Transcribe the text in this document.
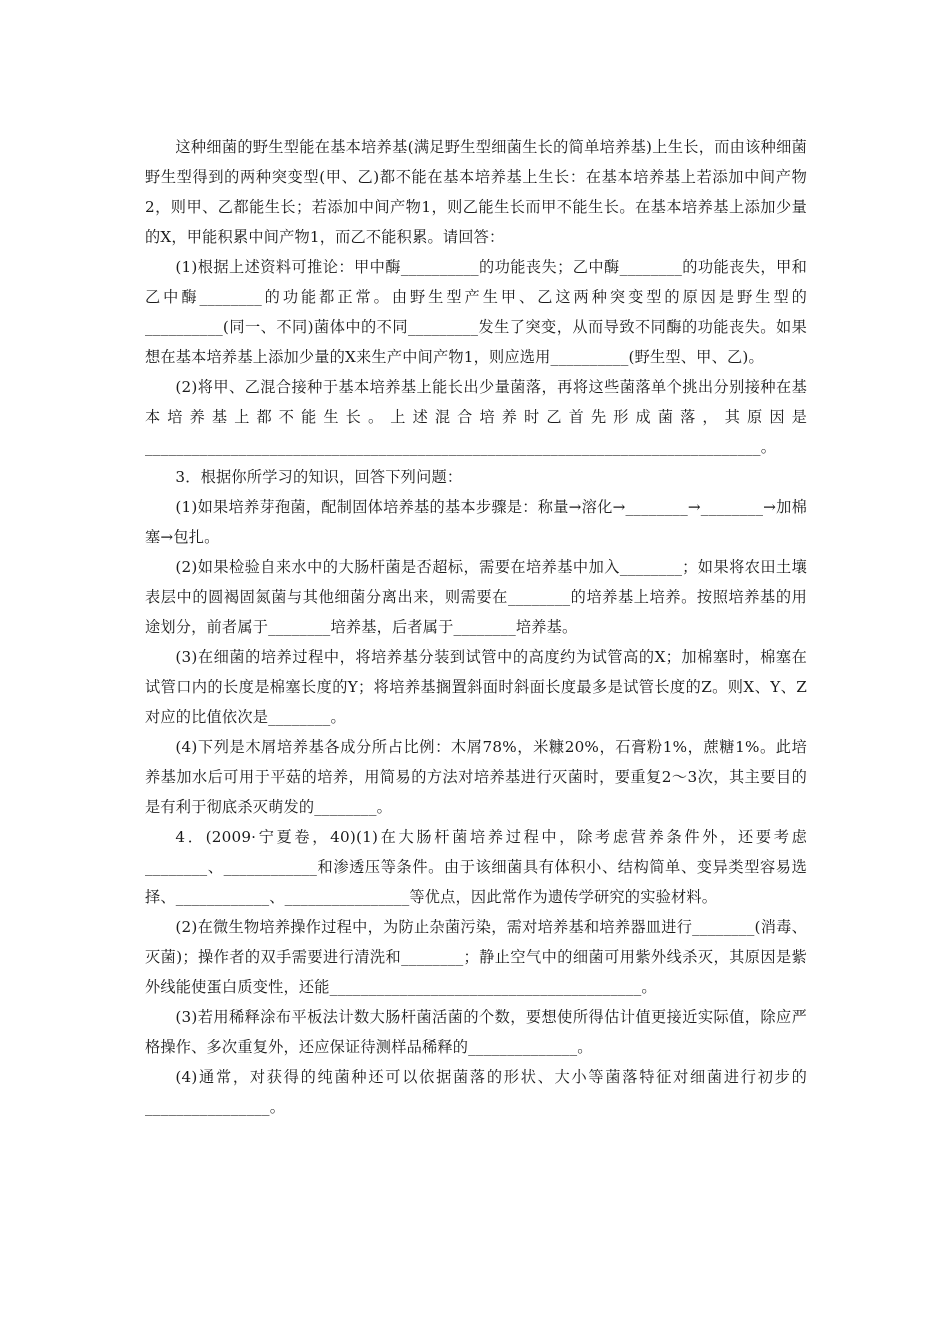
这种细菌的野生型能在基本培养基(满足野生型细菌生长的简单培养基)上生长，而由该种细菌野生型得到的两种突变型(甲、乙)都不能在基本培养基上生长：在基本培养基上若添加中间产物2，则甲、乙都能生长；若添加中间产物1，则乙能生长而甲不能生长。在基本培养基上添加少量的X，甲能积累中间产物1，而乙不能积累。请回答：

(1)根据上述资料可推论：甲中酶__________的功能丧失；乙中酶________的功能丧失，甲和乙中酶________的功能都正常。由野生型产生甲、乙这两种突变型的原因是野生型的__________(同一、不同)菌体中的不同_________发生了突变，从而导致不同酶的功能丧失。如果想在基本培养基上添加少量的X来生产中间产物1，则应选用__________(野生型、甲、乙)。

(2)将甲、乙混合接种于基本培养基上能长出少量菌落，再将这些菌落单个挑出分别接种在基本培养基上都不能生长。上述混合培养时乙首先形成菌落，其原因是_______________________________________________________________________________。

3．根据你所学习的知识，回答下列问题：

(1)如果培养芽孢菌，配制固体培养基的基本步骤是：称量→溶化→________→________→加棉塞→包扎。

(2)如果检验自来水中的大肠杆菌是否超标，需要在培养基中加入________；如果将农田土壤表层中的圆褐固氮菌与其他细菌分离出来，则需要在________的培养基上培养。按照培养基的用途划分，前者属于________培养基，后者属于________培养基。

(3)在细菌的培养过程中，将培养基分装到试管中的高度约为试管高的X；加棉塞时，棉塞在试管口内的长度是棉塞长度的Y；将培养基搁置斜面时斜面长度最多是试管长度的Z。则X、Y、Z对应的比值依次是________。

(4)下列是木屑培养基各成分所占比例：木屑78%，米糠20%，石膏粉1%，蔗糖1%。此培养基加水后可用于平菇的培养，用简易的方法对培养基进行灭菌时，要重复2～3次，其主要目的是有利于彻底杀灭萌发的________。

4．(2009·宁夏卷，40)(1)在大肠杆菌培养过程中，除考虑营养条件外，还要考虑________、____________和渗透压等条件。由于该细菌具有体积小、结构简单、变异类型容易选择、____________、________________等优点，因此常作为遗传学研究的实验材料。

(2)在微生物培养操作过程中，为防止杂菌污染，需对培养基和培养器皿进行________(消毒、灭菌)；操作者的双手需要进行清洗和________；静止空气中的细菌可用紫外线杀灭，其原因是紫外线能使蛋白质变性，还能________________________________________。

(3)若用稀释涂布平板法计数大肠杆菌活菌的个数，要想使所得估计值更接近实际值，除应严格操作、多次重复外，还应保证待测样品稀释的______________。

(4)通常，对获得的纯菌种还可以依据菌落的形状、大小等菌落特征对细菌进行初步的________________。
